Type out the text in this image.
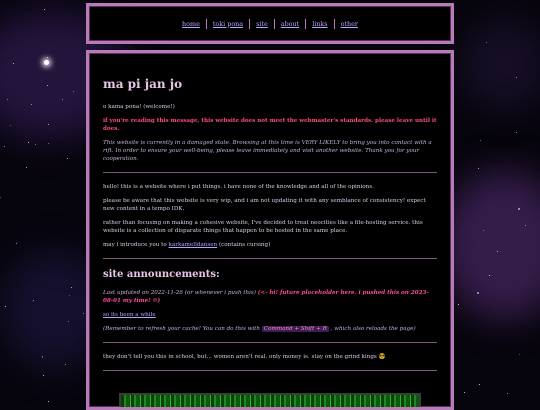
home	toki pona	site	about	links	other
ma pi jan jo

o kama pona! (welcome!)

if you're reading this message, this website does not meet the webmaster's standards. please leave until it does.

This website is currently in a damaged state. Browsing at this time is VERY LIKELY to bring you into contact with a rift. In order to ensure your well-being, please leave immediately and visit another website. Thank you for your cooperation.

hello! this is a website where i put things. i have none of the knowledge and all of the opinions.

please be aware that this website is very wip, and i am not updating it with any semblance of consistency! expect new content in a tempo IDK.

rather than focusing on making a cohesive website, I've decided to treat neocities like a file-hosting service. this website is a collection of disparate things that happen to be hosted in the same place.

may i introduce you to karkamelldansen (contains cursing)

site announcements:

Last updated on 2022-11-26 (or whenever i push this) (<- hi! future placeholder here. i pushed this on 2023-08-01 my time! ☺)

so its been a while

(Remember to refresh your cache! You can do this with Command + Shift + R , which also reloads the page)

they don't tell you this in school, but... women aren't real. only money is. stay on the grind kings 😎
